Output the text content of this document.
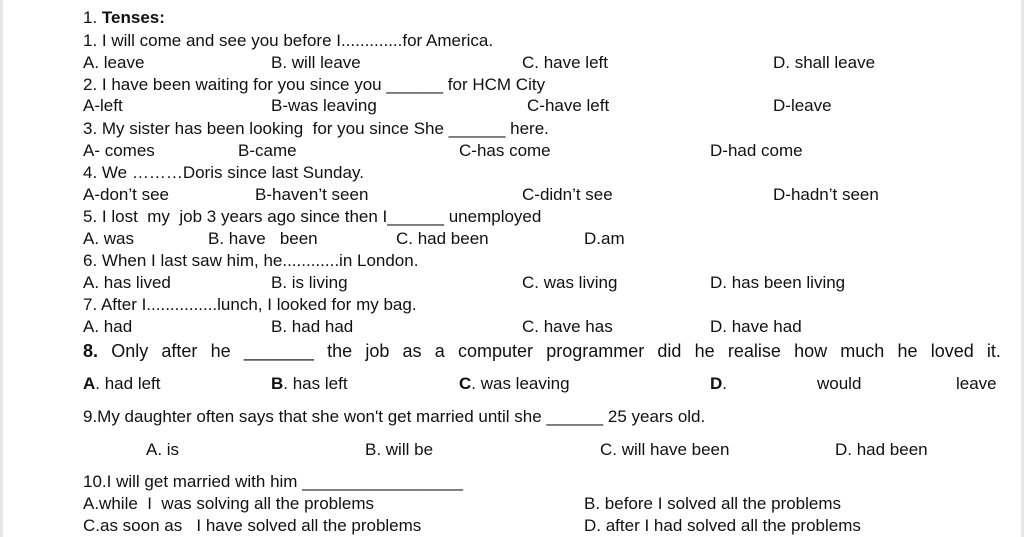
1. Tenses:
1. I will come and see you before I.............for America.
A. leave	B. will leave	C. have left	D. shall leave
2. I have been waiting for you since you ______ for HCM City
A-left	B-was leaving	C-have left	D-leave
3. My sister has been looking  for you since She ______ here.
A- comes	B-came	C-has come	D-had come
4. We ………Doris since last Sunday.
A-don’t see	B-haven’t seen	C-didn’t see	D-hadn’t seen
5. I lost  my  job 3 years ago since then I______ unemployed
A. was	B. have   been	C. had been	D.am
6. When I last saw him, he............in London.
A. has lived	B. is living	C. was living	D. has been living
7. After I...............lunch, I looked for my bag.
A. had	B. had had	C. have has	D. have had
8. Only after he _______ the job as a computer programmer did he realise how much he loved it.
A. had left	B. has left	C. was leaving	D.	would	leave
9.My daughter often says that she won't get married until she ______ 25 years old.
A. is	B. will be	C. will have been	D. had been
10.I will get married with him _________________
A.while  I  was solving all the problems	B. before I solved all the problems
C.as soon as   I have solved all the problems	D. after I had solved all the problems
